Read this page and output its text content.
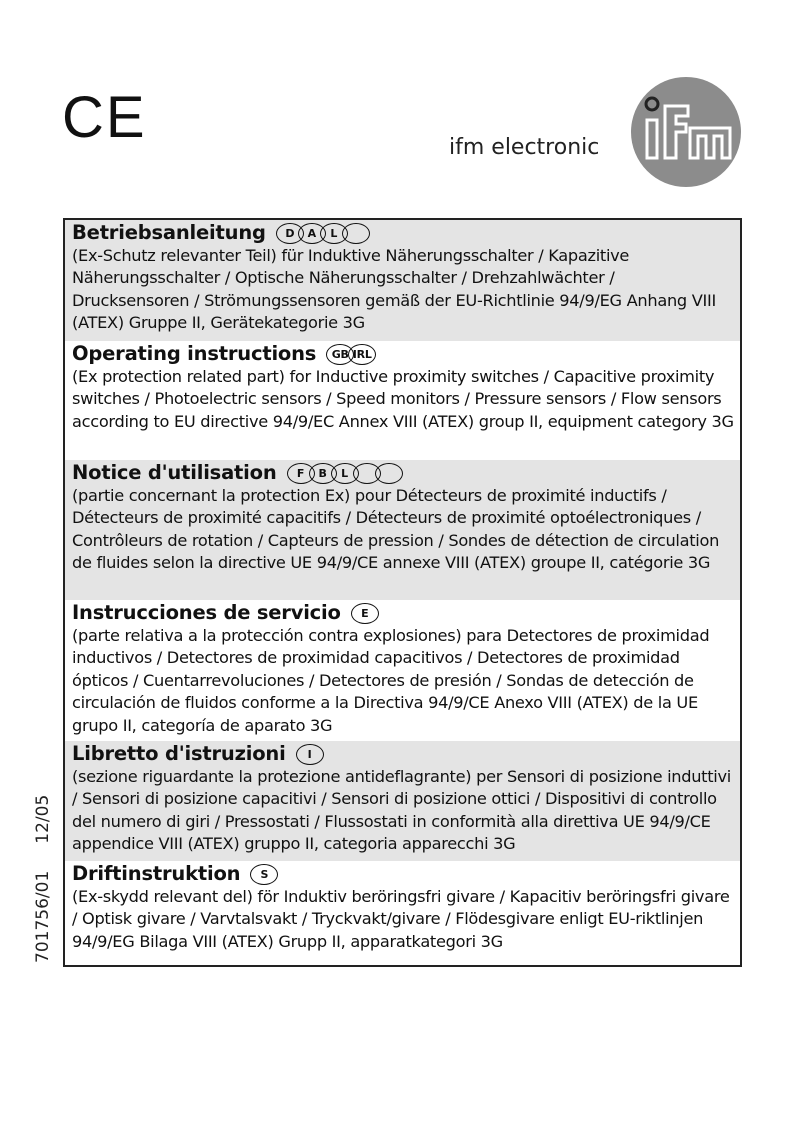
CE	ifm electronic
Betriebsanleitung	D	A	L
(Ex-Schutz relevanter Teil) für Induktive Näherungsschalter / Kapazitive Näherungsschalter / Optische Näherungsschalter / Drehzahlwächter / Drucksensoren / Strömungssensoren gemäß der EU-Richtlinie 94/9/EG Anhang VIII (ATEX) Gruppe II, Gerätekategorie 3G
Operating instructions	GB IRL
(Ex protection related part) for Inductive proximity switches / Capacitive proximity switches / Photoelectric sensors / Speed monitors / Pressure sensors / Flow sensors according to EU directive 94/9/EC Annex VIII (ATEX) group II, equipment category 3G
Notice d'utilisation	F	B	L
(partie concernant la protection Ex) pour Détecteurs de proximité inductifs / Détecteurs de proximité capacitifs / Détecteurs de proximité optoélectroniques / Contrôleurs de rotation / Capteurs de pression / Sondes de détection de circulation de fluides selon la directive UE 94/9/CE annexe VIII (ATEX) groupe II, catégorie 3G
Instrucciones de servicio	E
(parte relativa a la protección contra explosiones) para Detectores de proximidad inductivos / Detectores de proximidad capacitivos / Detectores de proximidad ópticos / Cuentarrevoluciones / Detectores de presión / Sondas de detección de circulación de fluidos conforme a la Directiva 94/9/CE Anexo VIII (ATEX) de la UE grupo II, categoría de aparato 3G
Libretto d'istruzioni	I
(sezione riguardante la protezione antideflagrante) per Sensori di posizione induttivi / Sensori di posizione capacitivi / Sensori di posizione ottici / Dispositivi di controllo del numero di giri / Pressostati / Flussostati in conformità alla direttiva UE 94/9/CE appendice VIII (ATEX) gruppo II, categoria apparecchi 3G
Driftinstruktion	S
(Ex-skydd relevant del) för Induktiv beröringsfri givare / Kapacitiv beröringsfri givare / Optisk givare / Varvtalsvakt / Tryckvakt/givare / Flödesgivare enligt EU-riktlinjen 94/9/EG Bilaga VIII (ATEX) Grupp II, apparatkategori 3G
701756/01     12/05
